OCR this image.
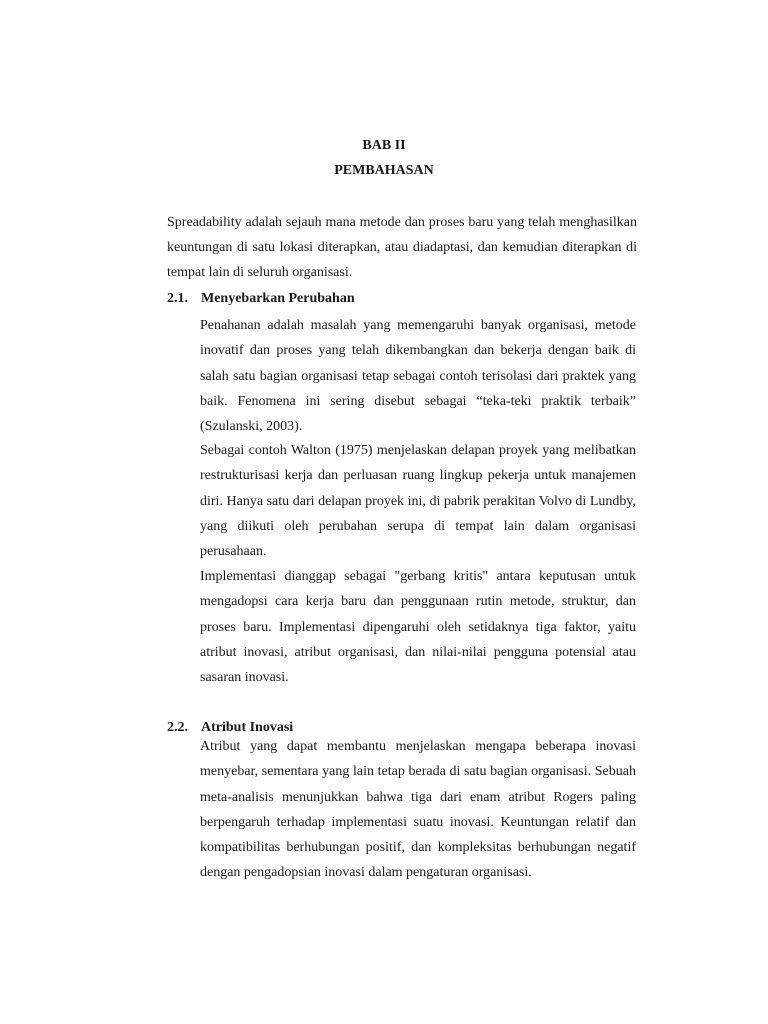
BAB II
PEMBAHASAN

Spreadability adalah sejauh mana metode dan proses baru yang telah menghasilkan keuntungan di satu lokasi diterapkan, atau diadaptasi, dan kemudian diterapkan di tempat lain di seluruh organisasi.

2.1. Menyebarkan Perubahan

Penahanan adalah masalah yang memengaruhi banyak organisasi, metode inovatif dan proses yang telah dikembangkan dan bekerja dengan baik di salah satu bagian organisasi tetap sebagai contoh terisolasi dari praktek yang baik. Fenomena ini sering disebut sebagai “teka-teki praktik terbaik” (Szulanski, 2003).

Sebagai contoh Walton (1975) menjelaskan delapan proyek yang melibatkan restrukturisasi kerja dan perluasan ruang lingkup pekerja untuk manajemen diri. Hanya satu dari delapan proyek ini, di pabrik perakitan Volvo di Lundby, yang diikuti oleh perubahan serupa di tempat lain dalam organisasi perusahaan.

Implementasi dianggap sebagai "gerbang kritis" antara keputusan untuk mengadopsi cara kerja baru dan penggunaan rutin metode, struktur, dan proses baru. Implementasi dipengaruhi oleh setidaknya tiga faktor, yaitu atribut inovasi, atribut organisasi, dan nilai-nilai pengguna potensial atau sasaran inovasi.

2.2. Atribut Inovasi

Atribut yang dapat membantu menjelaskan mengapa beberapa inovasi menyebar, sementara yang lain tetap berada di satu bagian organisasi. Sebuah meta-analisis menunjukkan bahwa tiga dari enam atribut Rogers paling berpengaruh terhadap implementasi suatu inovasi. Keuntungan relatif dan kompatibilitas berhubungan positif, dan kompleksitas berhubungan negatif dengan pengadopsian inovasi dalam pengaturan organisasi.
